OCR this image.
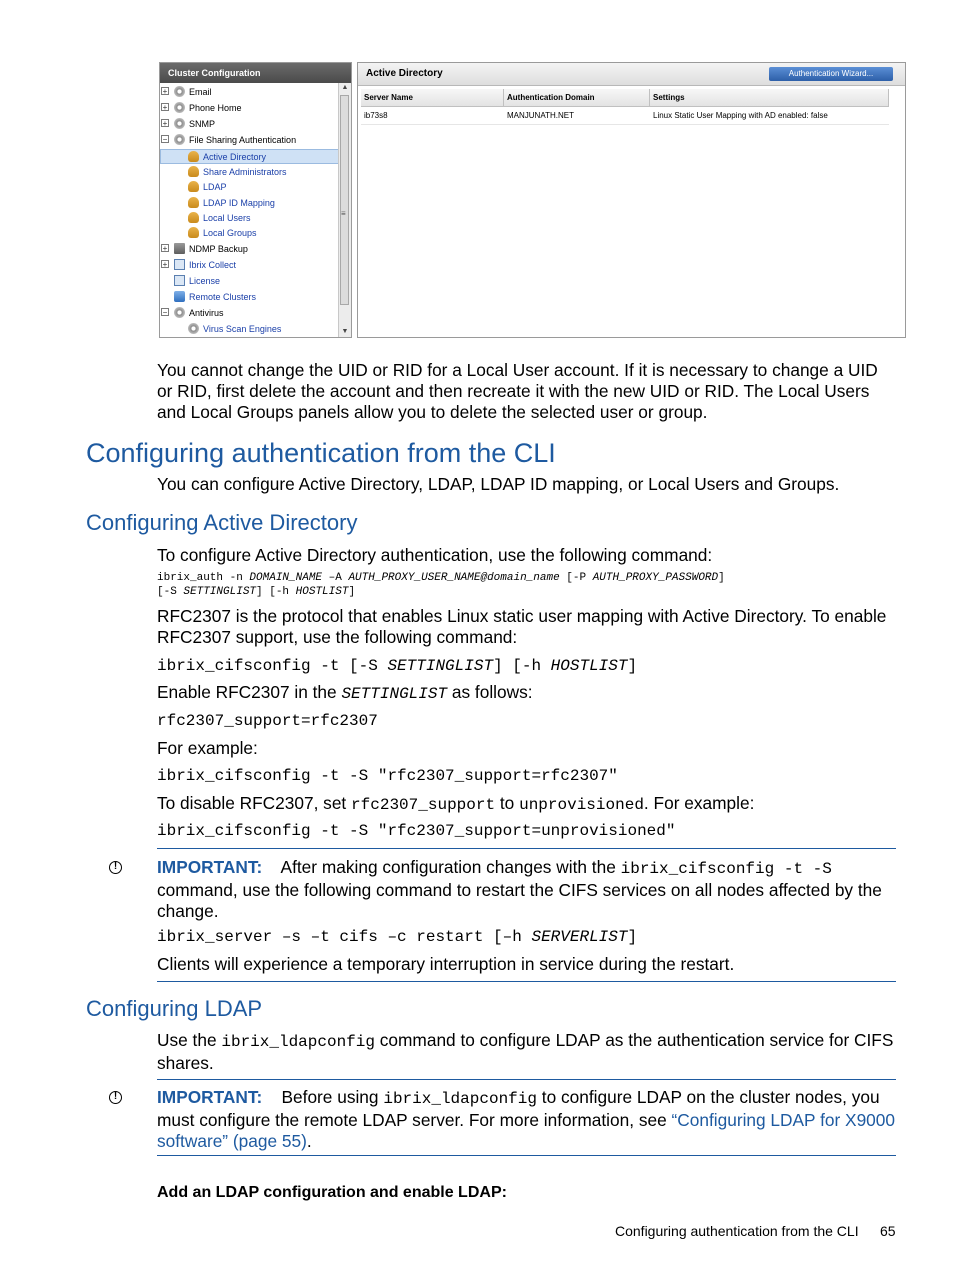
Cluster Configuration
+	Email
+	Phone Home
+	SNMP
−	File Sharing Authentication
Active Directory
Share Administrators
LDAP
LDAP ID Mapping
Local Users
Local Groups
+	NDMP Backup
+	Ibrix Collect
License
Remote Clusters
−	Antivirus
Virus Scan Engines
▲
≡
▼
Active Directory	Authentication Wizard...
Server Name	Authentication Domain	Settings
ib73s8	MANJUNATH.NET	Linux Static User Mapping with AD enabled: false
You cannot change the UID or RID for a Local User account. If it is necessary to change a UID or RID, first delete the account and then recreate it with the new UID or RID. The Local Users and Local Groups panels allow you to delete the selected user or group.
Configuring authentication from the CLI
You can configure Active Directory, LDAP, LDAP ID mapping, or Local Users and Groups.
Configuring Active Directory
To configure Active Directory authentication, use the following command:
ibrix_auth -n DOMAIN_NAME –A AUTH_PROXY_USER_NAME@domain_name [-P AUTH_PROXY_PASSWORD]
[-S SETTINGLIST] [-h HOSTLIST]
RFC2307 is the protocol that enables Linux static user mapping with Active Directory. To enable RFC2307 support, use the following command:
ibrix_cifsconfig -t [-S SETTINGLIST] [-h HOSTLIST]
Enable RFC2307 in the SETTINGLIST as follows:
rfc2307_support=rfc2307
For example:
ibrix_cifsconfig -t -S "rfc2307_support=rfc2307"
To disable RFC2307, set rfc2307_support to unprovisioned. For example:
ibrix_cifsconfig -t -S "rfc2307_support=unprovisioned"
! IMPORTANT: After making configuration changes with the ibrix_cifsconfig -t -S command, use the following command to restart the CIFS services on all nodes affected by the change.
ibrix_server –s –t cifs –c restart [–h SERVERLIST]
Clients will experience a temporary interruption in service during the restart.
Configuring LDAP
Use the ibrix_ldapconfig command to configure LDAP as the authentication service for CIFS shares.
! IMPORTANT: Before using ibrix_ldapconfig to configure LDAP on the cluster nodes, you must configure the remote LDAP server. For more information, see “Configuring LDAP for X9000 software” (page 55).
Add an LDAP configuration and enable LDAP:
Configuring authentication from the CLI 65
